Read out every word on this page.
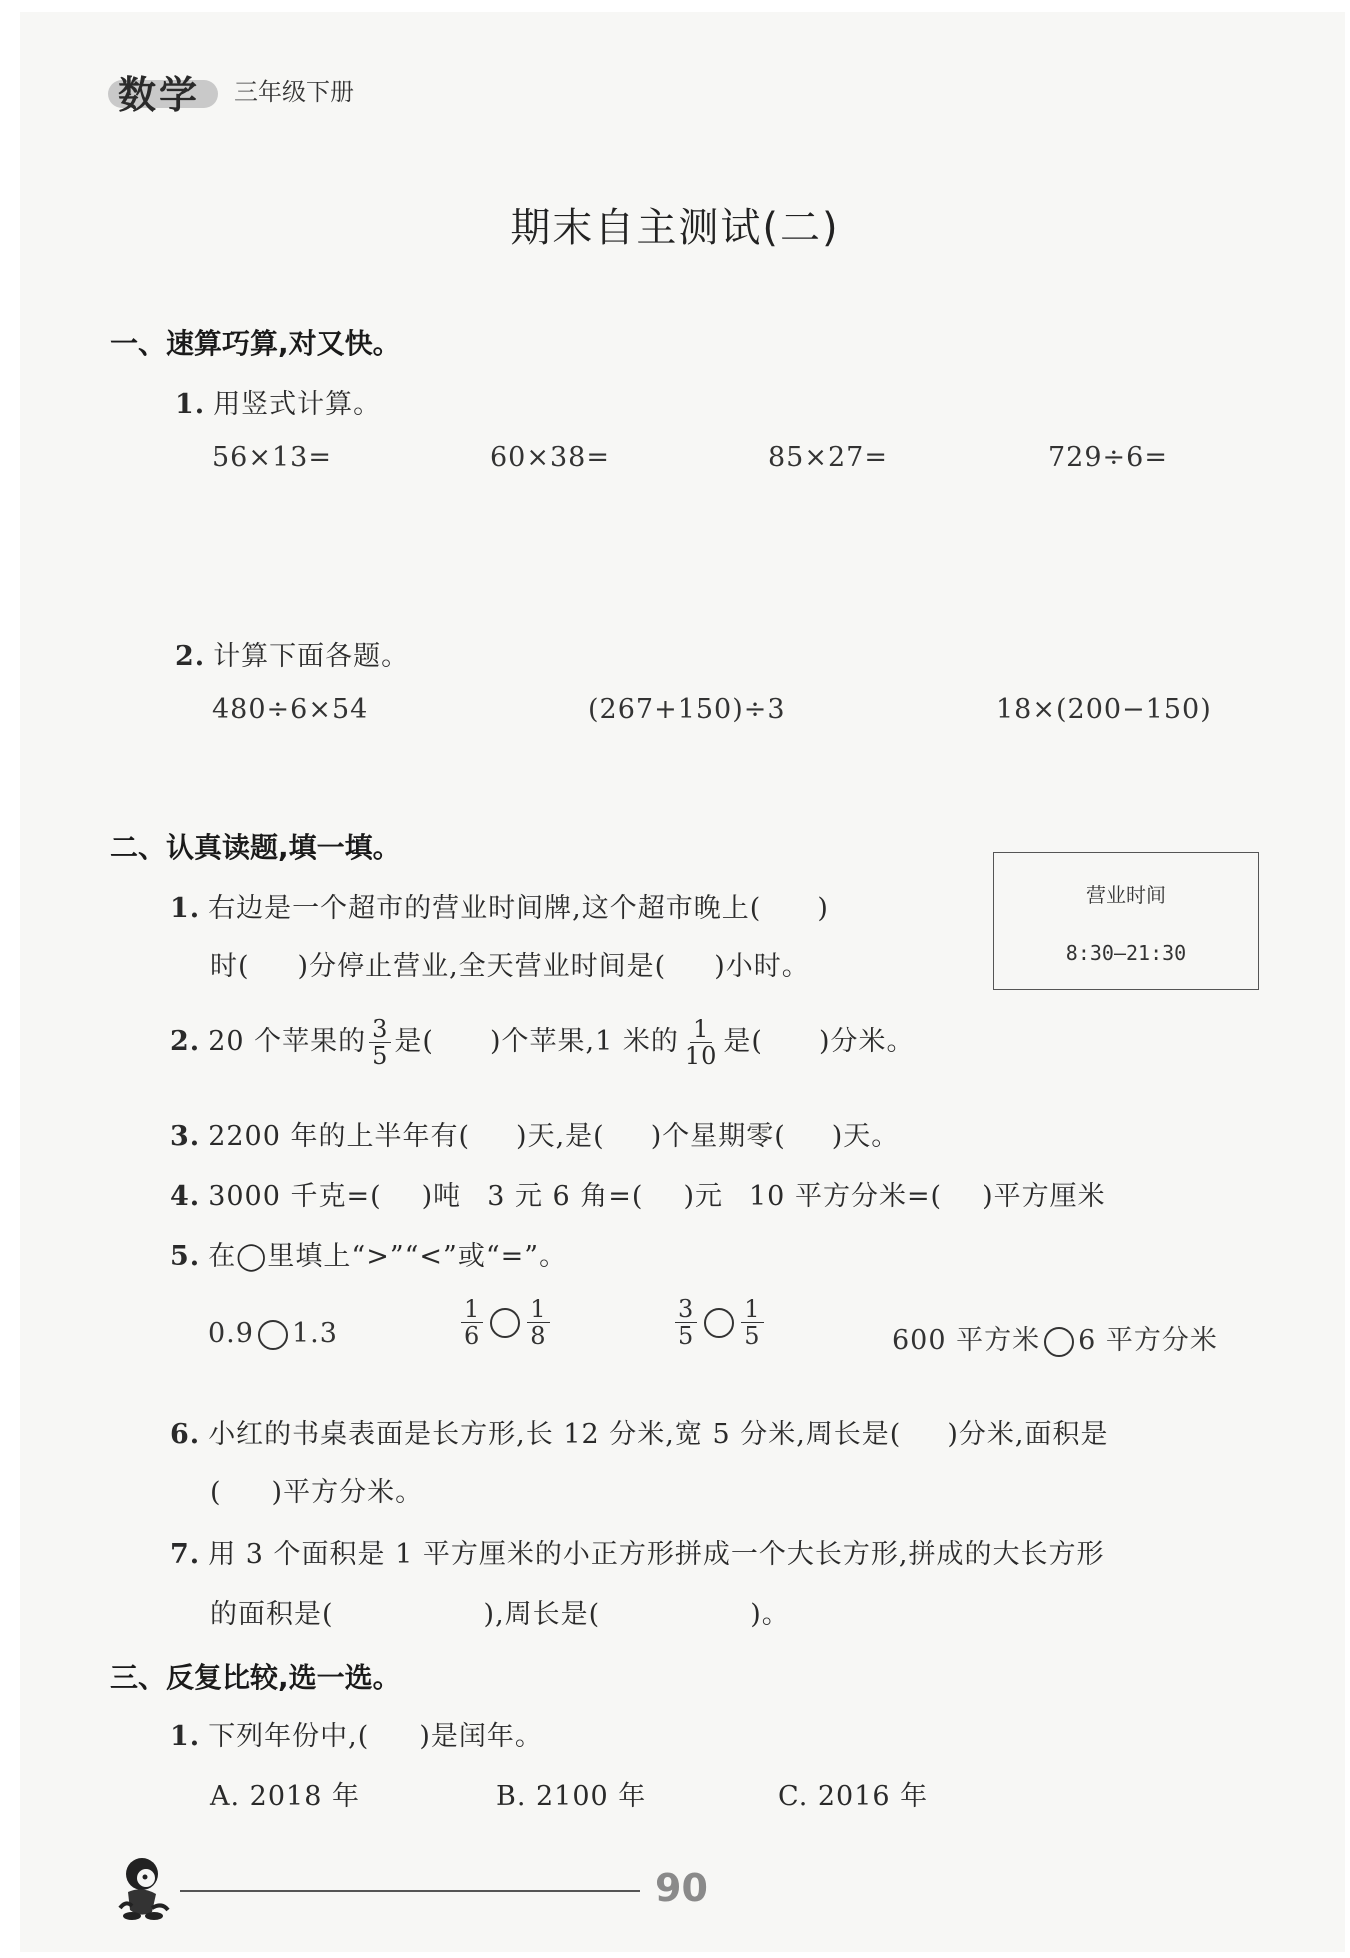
数学 三年级下册
期末自主测试(二)
一、速算巧算,对又快。
1. 用竖式计算。
56×13=	60×38=	85×27=	729÷6=
2. 计算下面各题。
480÷6×54	(267+150)÷3	18×(200−150)
二、认真读题,填一填。
营业时间
8:30—21:30
1. 右边是一个超市的营业时间牌,这个超市晚上( )
时( )分停止营业,全天营业时间是( )小时。
2. 20 个苹果的 $\frac{3}{5}$ 是( )个苹果,1 米的 $\frac{1}{10}$ 是( )分米。
3. 2200 年的上半年有( )天,是( )个星期零( )天。
4. 3000 千克=( )吨 3 元 6 角=( )元 10 平方分米=( )平方厘米
5. 在◯里填上“>”“<”或“=”。
0.9 1.3	$\frac{1}{6} \frac{1}{8}$	$\frac{3}{5} \frac{1}{5}$	600 平方米 6 平方分米
6. 小红的书桌表面是长方形,长 12 分米,宽 5 分米,周长是( )分米,面积是
( )平方分米。
7. 用 3 个面积是 1 平方厘米的小正方形拼成一个大长方形,拼成的大长方形
的面积是(	),周长是(	)。
三、反复比较,选一选。
1. 下列年份中,( )是闰年。
A. 2018 年	B. 2100 年	C. 2016 年
90
